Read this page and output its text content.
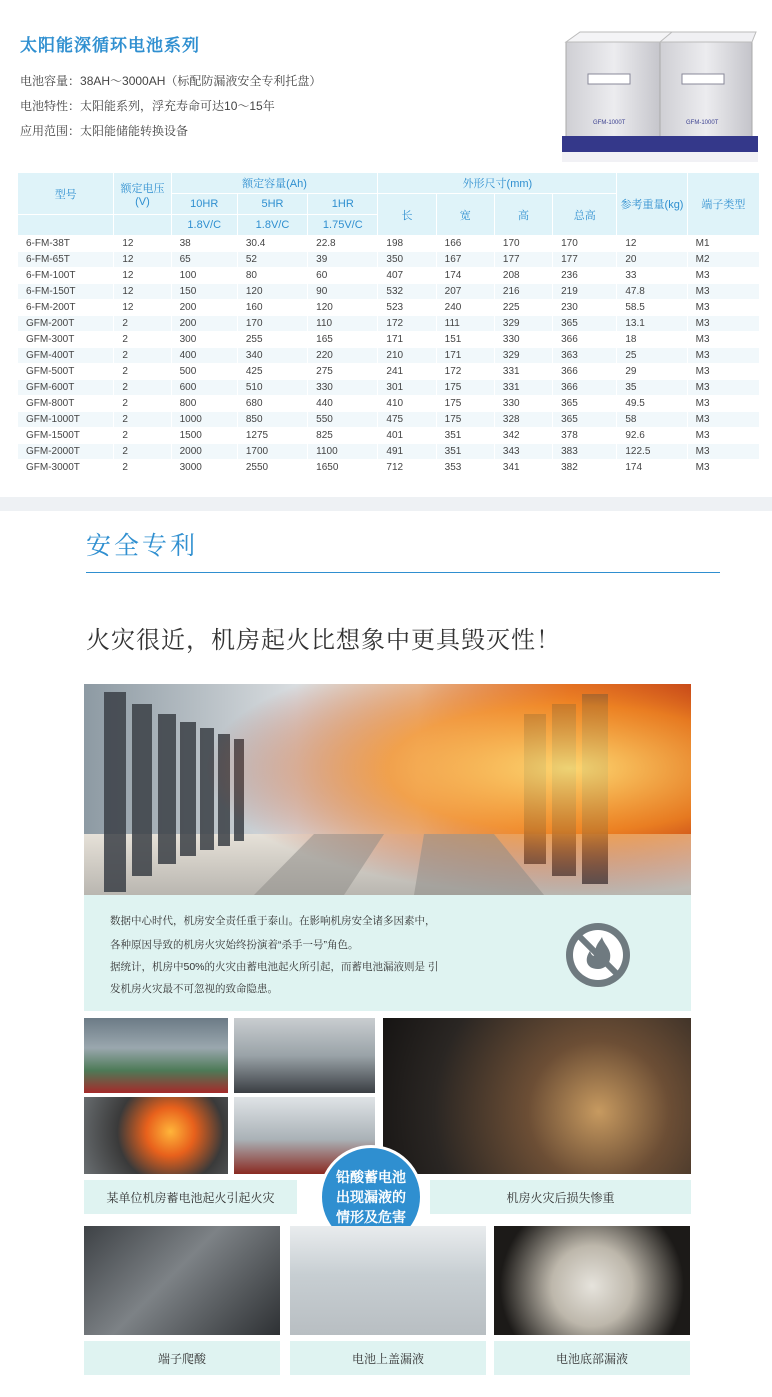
太阳能深循环电池系列
电池容量：38AH～3000AH（标配防漏液安全专利托盘）
电池特性：太阳能系列，浮充寿命可达10～15年
应用范围：太阳能储能转换设备
GFM-1000T	GFM-1000T
型号	额定电压(V)	额定容量(Ah)			外形尺寸(mm)				参考重量(kg)	端子类型
		10HR	5HR	1HR	长	宽	高	总高		
		1.8V/C	1.8V/C	1.75V/C						
6-FM-38T	12	38	30.4	22.8	198	166	170	170	12	M1
6-FM-65T	12	65	52	39	350	167	177	177	20	M2
6-FM-100T	12	100	80	60	407	174	208	236	33	M3
6-FM-150T	12	150	120	90	532	207	216	219	47.8	M3
6-FM-200T	12	200	160	120	523	240	225	230	58.5	M3
GFM-200T	2	200	170	110	172	111	329	365	13.1	M3
GFM-300T	2	300	255	165	171	151	330	366	18	M3
GFM-400T	2	400	340	220	210	171	329	363	25	M3
GFM-500T	2	500	425	275	241	172	331	366	29	M3
GFM-600T	2	600	510	330	301	175	331	366	35	M3
GFM-800T	2	800	680	440	410	175	330	365	49.5	M3
GFM-1000T	2	1000	850	550	475	175	328	365	58	M3
GFM-1500T	2	1500	1275	825	401	351	342	378	92.6	M3
GFM-2000T	2	2000	1700	1100	491	351	343	383	122.5	M3
GFM-3000T	2	3000	2550	1650	712	353	341	382	174	M3
安全专利
火灾很近，机房起火比想象中更具毁灭性！

数据中心时代，机房安全责任重于泰山。在影响机房安全诸多因素中，

各种原因导致的机房火灾始终扮演着“杀手一号”角色。

据统计，机房中50%的火灾由蓄电池起火所引起，而蓄电池漏液则是 引

发机房火灾最不可忽视的致命隐患。

某单位机房蓄电池起火引起火灾	机房火灾后损失惨重
铅酸蓄电池
出现漏液的
情形及危害
端子爬酸	电池上盖漏液	电池底部漏液
